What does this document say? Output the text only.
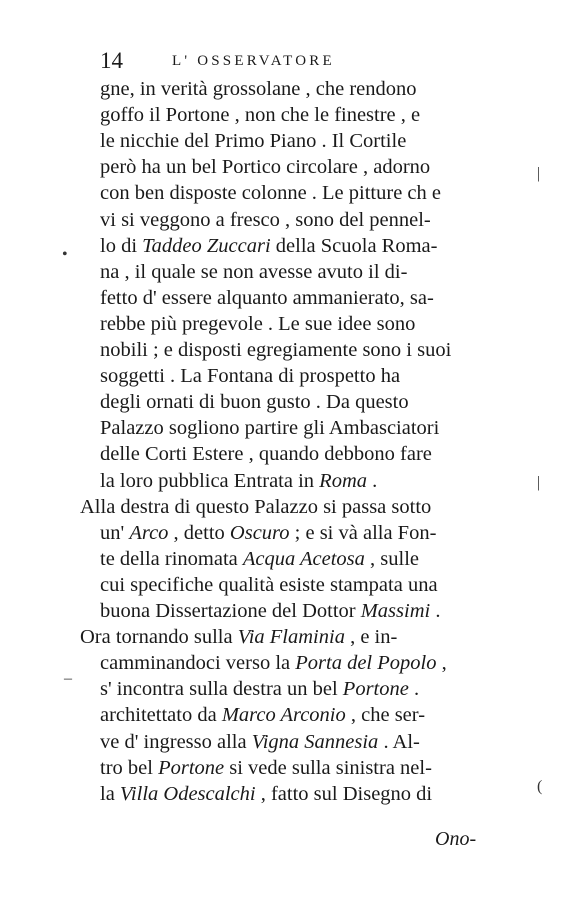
14	L' OSSERVATORE
gne, in verità grossolane , che rendono
goffo il Portone , non che le finestre , e
le nicchie del Primo Piano . Il Cortile
però ha un bel Portico circolare , adorno
con ben disposte colonne . Le pitture ch e
vi si veggono a fresco , sono del pennel-
lo di Taddeo Zuccari della Scuola Roma-
na , il quale se non avesse avuto il di-
fetto d' essere alquanto ammanierato, sa-
rebbe più pregevole . Le sue idee sono
nobili ; e disposti egregiamente sono i suoi
soggetti . La Fontana di prospetto ha
degli ornati di buon gusto . Da questo
Palazzo sogliono partire gli Ambasciatori
delle Corti Estere , quando debbono fare
la loro pubblica Entrata in Roma .
Alla destra di questo Palazzo si passa sotto
un' Arco , detto Oscuro ; e si và alla Fon-
te della rinomata Acqua Acetosa , sulle
cui specifiche qualità esiste stampata una
buona Dissertazione del Dottor Massimi .
Ora tornando sulla Via Flaminia , e in-
camminandoci verso la Porta del Popolo ,
s' incontra sulla destra un bel Portone .
architettato da Marco Arconio , che ser-
ve d' ingresso alla Vigna Sannesia . Al-
tro bel Portone si vede sulla sinistra nel-
la Villa Odescalchi , fatto sul Disegno di
Ono-
•
|
|
–
(
